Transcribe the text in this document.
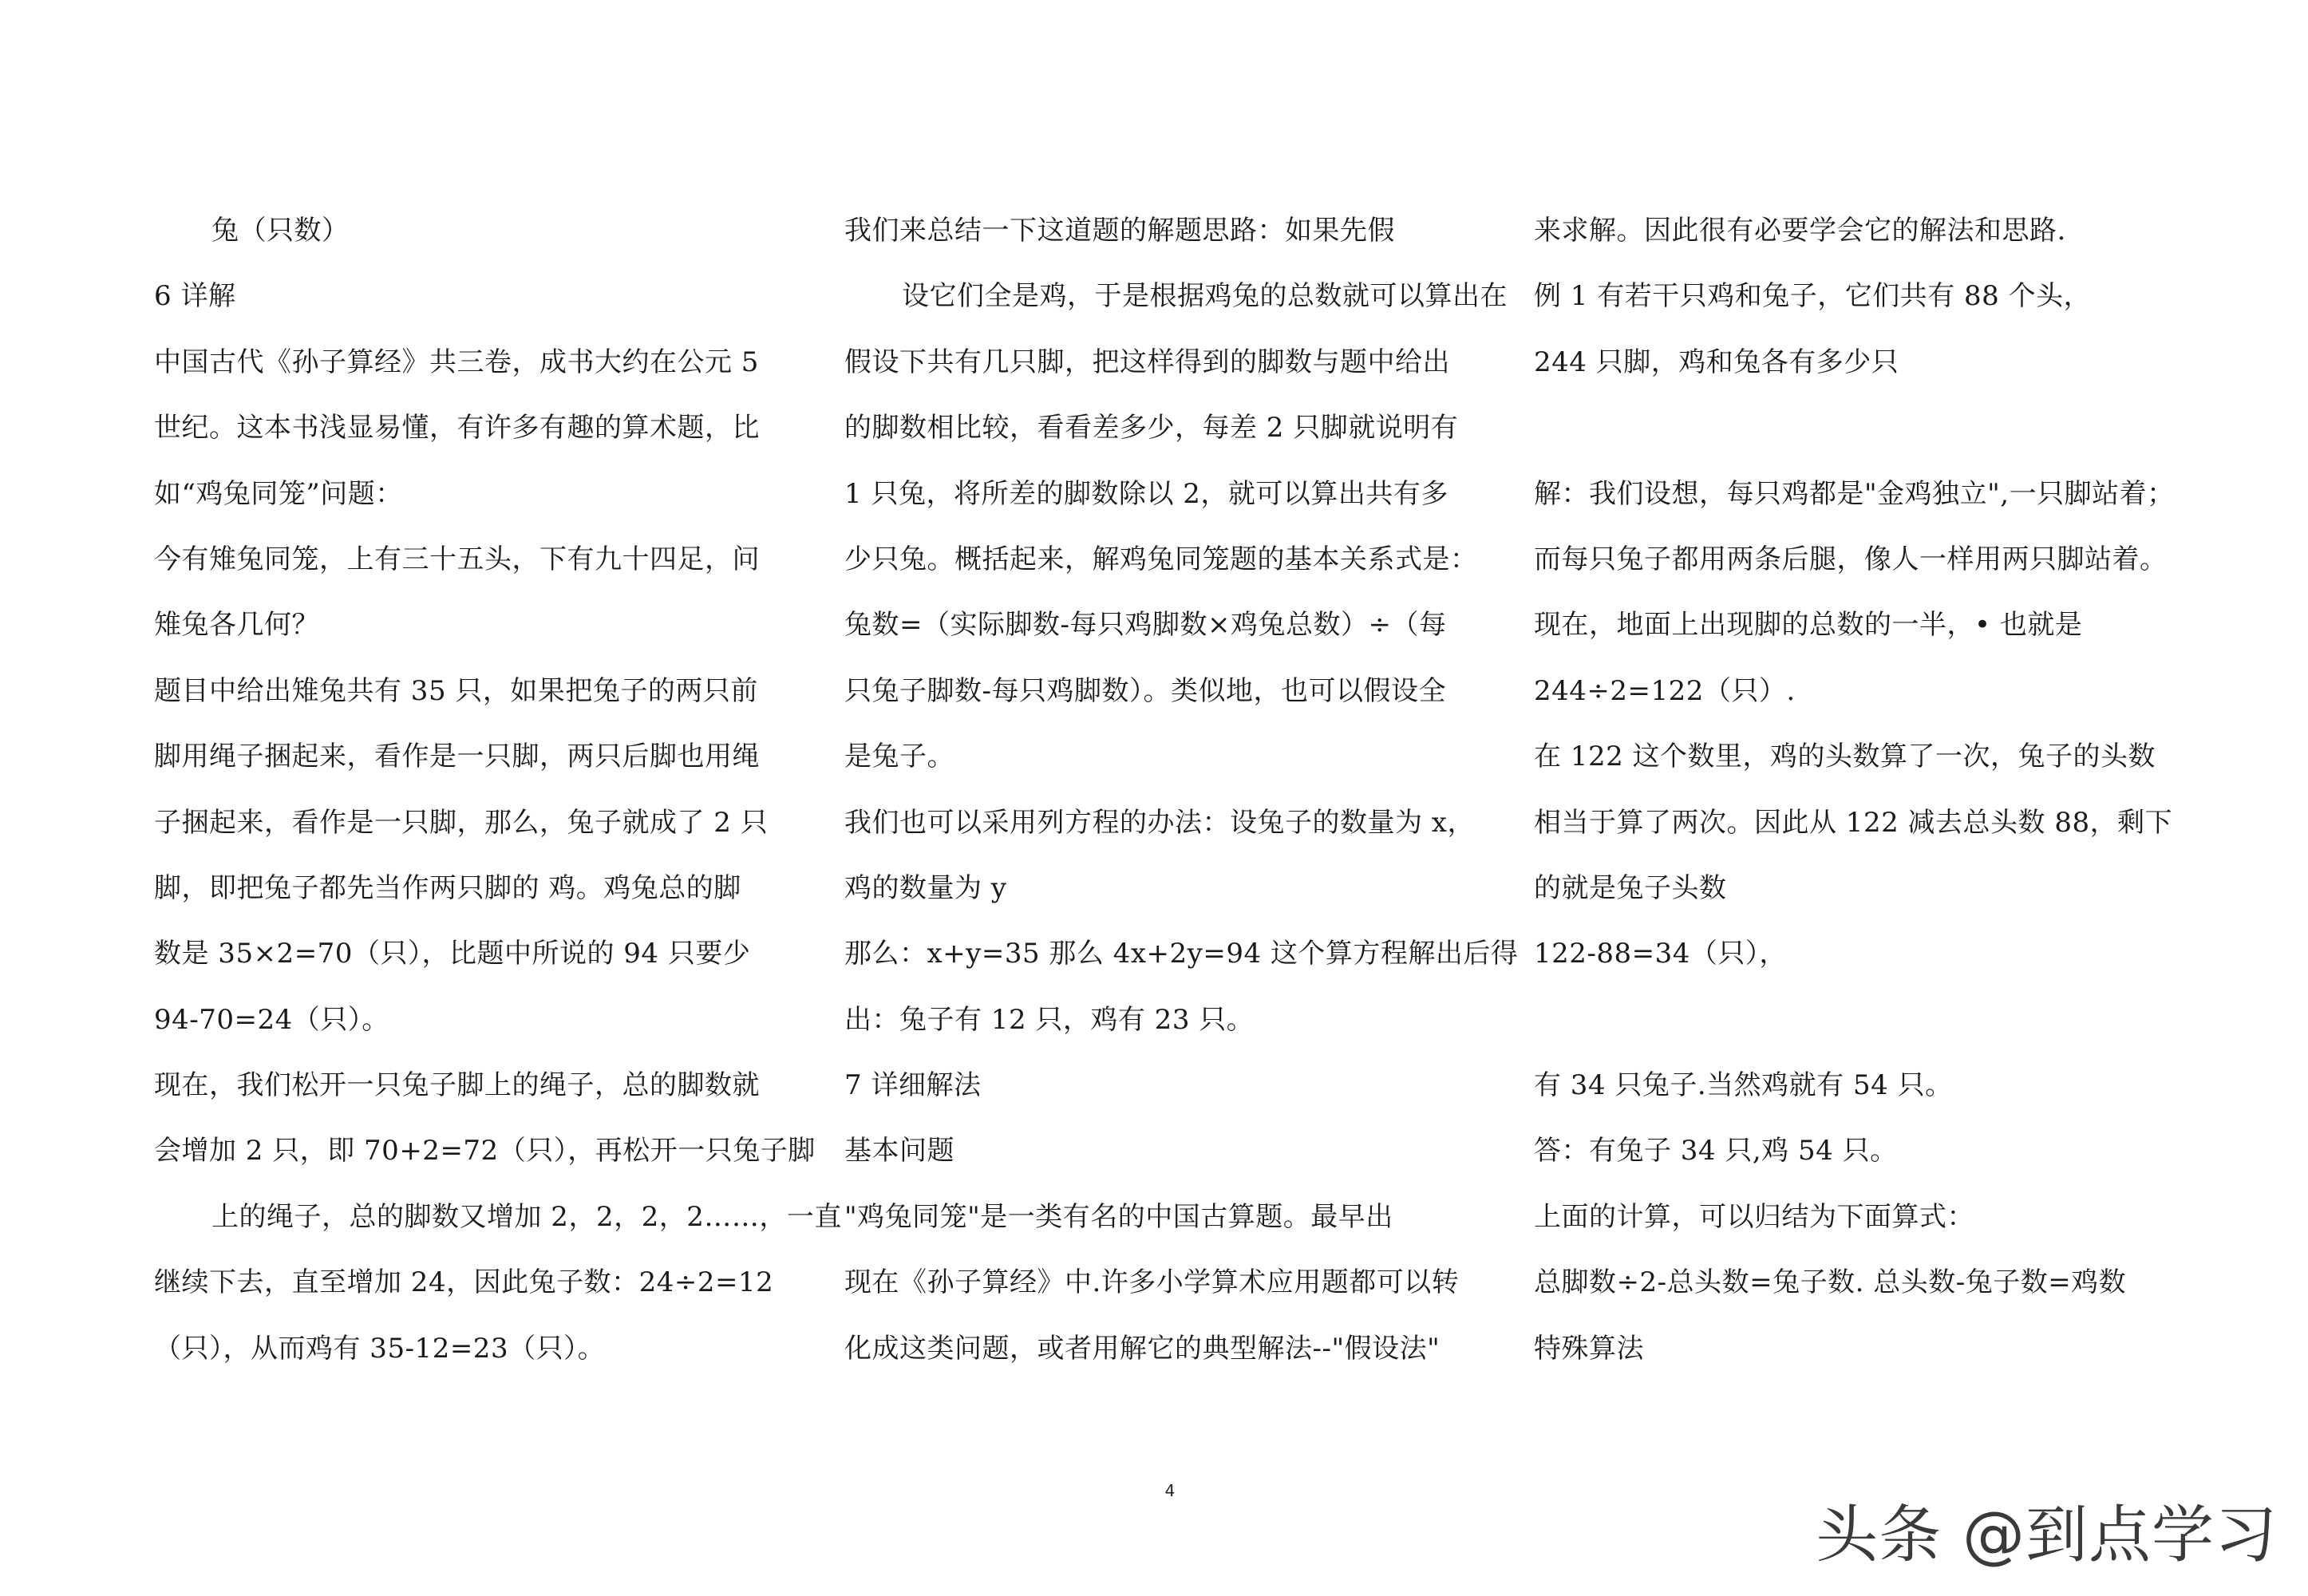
兔（只数）
6 详解
中国古代《孙子算经》共三卷，成书大约在公元 5
世纪。这本书浅显易懂，有许多有趣的算术题，比
如“鸡兔同笼”问题：
今有雉兔同笼，上有三十五头，下有九十四足，问
雉兔各几何？
题目中给出雉兔共有 35 只，如果把兔子的两只前
脚用绳子捆起来，看作是一只脚，两只后脚也用绳
子捆起来，看作是一只脚，那么，兔子就成了 2 只
脚，即把兔子都先当作两只脚的 鸡。鸡兔总的脚
数是 35×2=70（只），比题中所说的 94 只要少
94-70=24（只）。
现在，我们松开一只兔子脚上的绳子，总的脚数就
会增加 2 只，即 70+2=72（只），再松开一只兔子脚
上的绳子，总的脚数又增加 2，2，2，2……，一直
继续下去，直至增加 24，因此兔子数：24÷2=12
（只），从而鸡有 35-12=23（只）。
我们来总结一下这道题的解题思路：如果先假
设它们全是鸡，于是根据鸡兔的总数就可以算出在
假设下共有几只脚，把这样得到的脚数与题中给出
的脚数相比较，看看差多少，每差 2 只脚就说明有
1 只兔，将所差的脚数除以 2，就可以算出共有多
少只兔。概括起来，解鸡兔同笼题的基本关系式是：
兔数=（实际脚数-每只鸡脚数×鸡兔总数）÷（每
只兔子脚数-每只鸡脚数）。类似地，也可以假设全
是兔子。
我们也可以采用列方程的办法：设兔子的数量为 x，
鸡的数量为 y
那么：x+y=35 那么 4x+2y=94 这个算方程解出后得
出：兔子有 12 只，鸡有 23 只。
7 详细解法
基本问题
"鸡兔同笼"是一类有名的中国古算题。最早出
现在《孙子算经》中.许多小学算术应用题都可以转
化成这类问题，或者用解它的典型解法--"假设法"
来求解。因此很有必要学会它的解法和思路.
例 1 有若干只鸡和兔子，它们共有 88 个头，
244 只脚，鸡和兔各有多少只
解：我们设想，每只鸡都是"金鸡独立",一只脚站着；
而每只兔子都用两条后腿，像人一样用两只脚站着。
现在，地面上出现脚的总数的一半，• 也就是
244÷2=122（只）.
在 122 这个数里，鸡的头数算了一次，兔子的头数
相当于算了两次。因此从 122 减去总头数 88，剩下
的就是兔子头数
122-88=34（只），
有 34 只兔子.当然鸡就有 54 只。
答：有兔子 34 只,鸡 54 只。
上面的计算，可以归结为下面算式：
总脚数÷2-总头数=兔子数. 总头数-兔子数=鸡数
特殊算法
4
头条 @到点学习
